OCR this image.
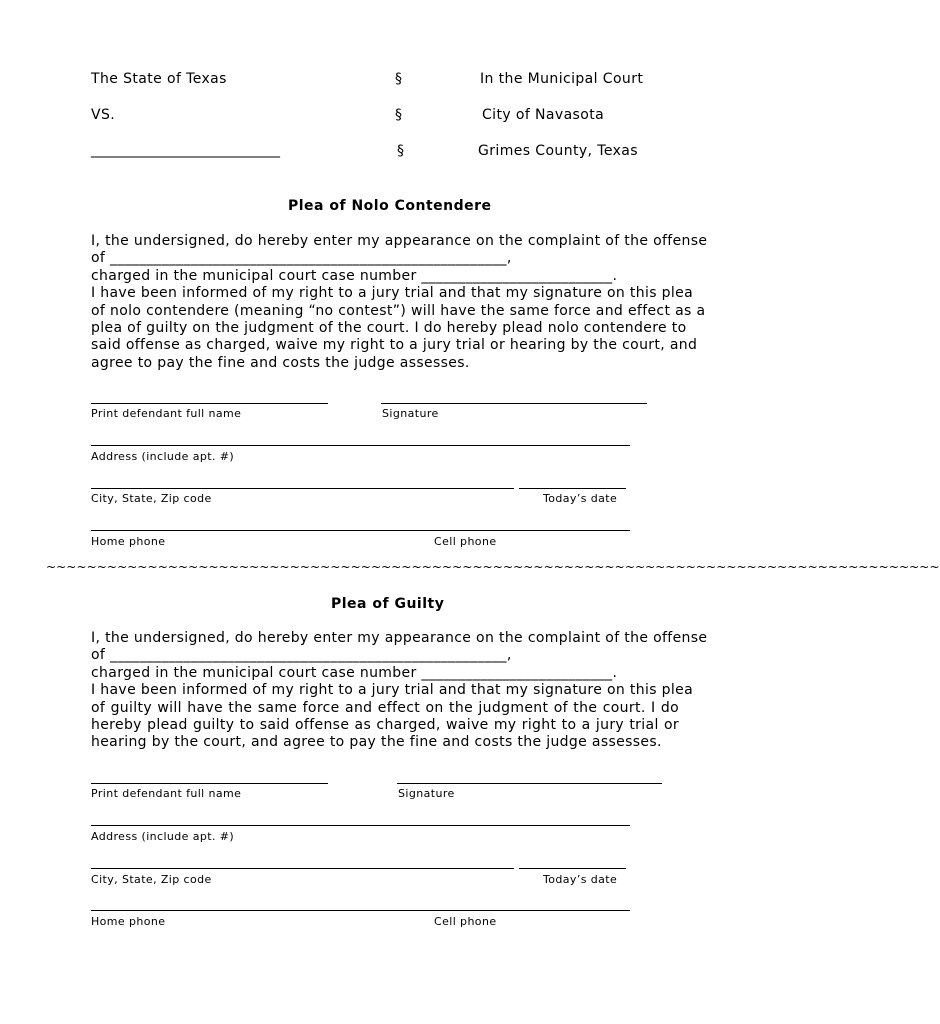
The State of Texas	§	In the Municipal Court
VS.	§	City of Navasota
___________________________	§	Grimes County, Texas
Plea of Nolo Contendere
I, the undersigned, do hereby enter my appearance on the complaint of the offense
of ______________________________________________________,
charged in the municipal court case number __________________________.
I have been informed of my right to a jury trial and that my signature on this plea
of nolo contendere (meaning “no contest”) will have the same force and effect as a
plea of guilty on the judgment of the court. I do hereby plead nolo contendere to
said offense as charged, waive my right to a jury trial or hearing by the court, and
agree to pay the fine and costs the judge assesses.
Print defendant full name	Signature
Address (include apt. #)
City, State, Zip code	Today’s date
Home phone	Cell phone
~~~~~~~~~~~~~~~~~~~~~~~~~~~~~~~~~~~~~~~~~~~~~~~~~~~~~~~~~~~~~~~~~~~~~~~~~~~~~~~~~~~~~~~~
Plea of Guilty
I, the undersigned, do hereby enter my appearance on the complaint of the offense
of ______________________________________________________,
charged in the municipal court case number __________________________.
I have been informed of my right to a jury trial and that my signature on this plea
of guilty will have the same force and effect on the judgment of the court. I do
hereby plead guilty to said offense as charged, waive my right to a jury trial or
hearing by the court, and agree to pay the fine and costs the judge assesses.
Print defendant full name	Signature
Address (include apt. #)
City, State, Zip code	Today’s date
Home phone	Cell phone
